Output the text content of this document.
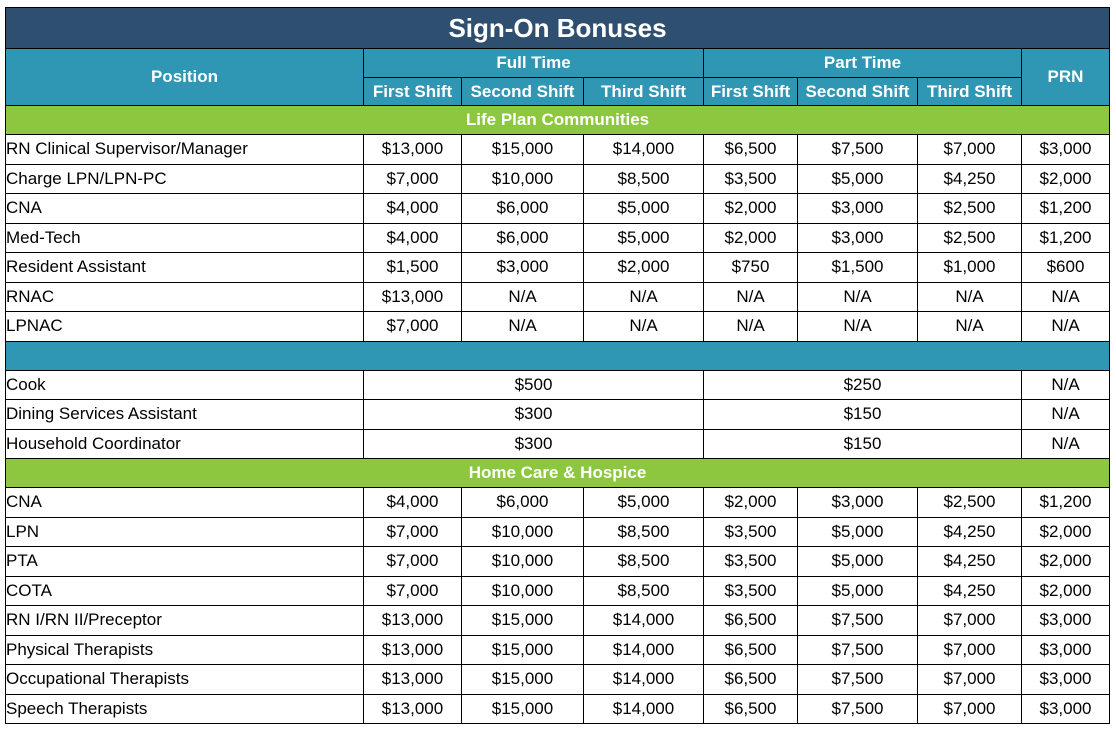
Sign-On Bonuses							
Position	Full Time			Part Time			PRN
	First Shift	Second Shift	Third Shift	First Shift	Second Shift	Third Shift	
Life Plan Communities							
RN Clinical Supervisor/Manager	$13,000	$15,000	$14,000	$6,500	$7,500	$7,000	$3,000
Charge LPN/LPN-PC	$7,000	$10,000	$8,500	$3,500	$5,000	$4,250	$2,000
CNA	$4,000	$6,000	$5,000	$2,000	$3,000	$2,500	$1,200
Med-Tech	$4,000	$6,000	$5,000	$2,000	$3,000	$2,500	$1,200
Resident Assistant	$1,500	$3,000	$2,000	$750	$1,500	$1,000	$600
RNAC	$13,000	N/A	N/A	N/A	N/A	N/A	N/A
LPNAC	$7,000	N/A	N/A	N/A	N/A	N/A	N/A

Cook	$500			$250			N/A
Dining Services Assistant	$300			$150			N/A
Household Coordinator	$300			$150			N/A
Home Care & Hospice							
CNA	$4,000	$6,000	$5,000	$2,000	$3,000	$2,500	$1,200
LPN	$7,000	$10,000	$8,500	$3,500	$5,000	$4,250	$2,000
PTA	$7,000	$10,000	$8,500	$3,500	$5,000	$4,250	$2,000
COTA	$7,000	$10,000	$8,500	$3,500	$5,000	$4,250	$2,000
RN I/RN II/Preceptor	$13,000	$15,000	$14,000	$6,500	$7,500	$7,000	$3,000
Physical Therapists	$13,000	$15,000	$14,000	$6,500	$7,500	$7,000	$3,000
Occupational Therapists	$13,000	$15,000	$14,000	$6,500	$7,500	$7,000	$3,000
Speech Therapists	$13,000	$15,000	$14,000	$6,500	$7,500	$7,000	$3,000
